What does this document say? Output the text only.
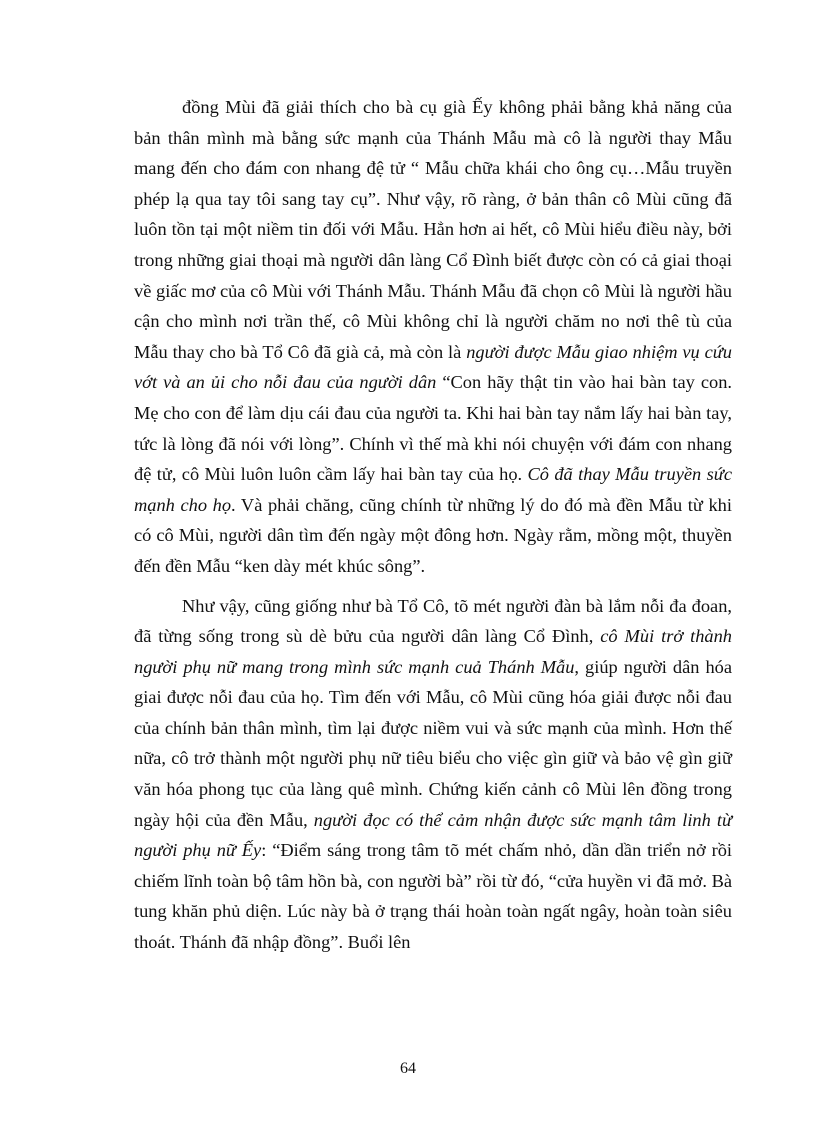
đồng Mùi đã giải thích cho bà cụ già Ếy không phải bằng khả năng của bản thân mình mà bằng sức mạnh của Thánh Mẫu mà cô là người thay Mẫu mang đến cho đám con nhang đệ tử “ Mẫu chữa khái cho ông cụ…Mẫu truyền phép lạ qua tay tôi sang tay cụ”. Như vậy, rõ ràng, ở bản thân cô Mùi cũng đã luôn tồn tại một niềm tin đối với Mẫu. Hẳn hơn ai hết, cô Mùi hiểu điều này, bởi trong những giai thoại mà người dân làng Cổ Đình biết được còn có cả giai thoại về giấc mơ của cô Mùi với Thánh Mẫu. Thánh Mẫu đã chọn cô Mùi là người hầu cận cho mình nơi trần thế, cô Mùi không chỉ là người chăm no nơi thê tù của Mẫu thay cho bà Tổ Cô đã già cả, mà còn là người được Mẫu giao nhiệm vụ cứu vớt và an ủi cho nỗi đau của người dân “Con hãy thật tin vào hai bàn tay con. Mẹ cho con để làm dịu cái đau của người ta. Khi hai bàn tay nắm lấy hai bàn tay, tức là lòng đã nói với lòng”. Chính vì thế mà khi nói chuyện với đám con nhang đệ tử, cô Mùi luôn luôn cầm lấy hai bàn tay của họ. Cô đã thay Mẫu truyền sức mạnh cho họ. Và phải chăng, cũng chính từ những lý do đó mà đền Mẫu từ khi có cô Mùi, người dân tìm đến ngày một đông hơn. Ngày rằm, mồng một, thuyền đến đền Mẫu “ken dày mét khúc sông”.

Như vậy, cũng giống như bà Tổ Cô, tõ mét người đàn bà lắm nỗi đa đoan, đã từng sống trong sù dè bửu của người dân làng Cổ Đình, cô Mùi trở thành người phụ nữ mang trong mình sức mạnh cuả Thánh Mẫu, giúp người dân hóa giai được nỗi đau của họ. Tìm đến với Mẫu, cô Mùi cũng hóa giải được nỗi đau của chính bản thân mình, tìm lại được niềm vui và sức mạnh của mình. Hơn thế nữa, cô trở thành một người phụ nữ tiêu biểu cho việc gìn giữ và bảo vệ gìn giữ văn hóa phong tục của làng quê mình. Chứng kiến cảnh cô Mùi lên đồng trong ngày hội của đền Mẫu, người đọc có thể cảm nhận được sức mạnh tâm linh từ người phụ nữ Ếy: “Điểm sáng trong tâm tõ mét chấm nhỏ, dần dần triển nở rồi chiếm lĩnh toàn bộ tâm hồn bà, con người bà” rồi từ đó, “cửa huyền vi đã mở. Bà tung khăn phủ diện. Lúc này bà ở trạng thái hoàn toàn ngất ngây, hoàn toàn siêu thoát. Thánh đã nhập đồng”. Buổi lên

64
